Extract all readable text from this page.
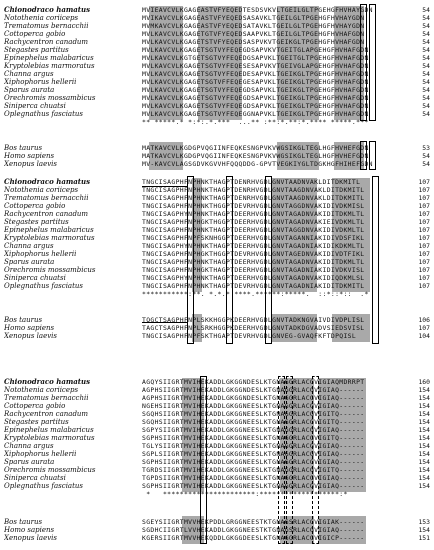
Chionodraco hamatus	MVIEAVCVLKGAGEASTVFYEQEDTESDSVKVLTGEILGLTPGEHGFHVHAYGDN	54
Notothenia coriiceps	MVIKAVCVLKGAGEASTVFYEQEDSASAVKLTGEILGLTPGEHGFHVHAYGDN	54
Trematomus bernacchii	MVMKAVCVLKGAGEASTVFYEQEDSATAVKLTGEILGLTPGEHGFHVHAYGDN	54
Cottoperca gobio	MVLKAVCVLKGAGETGTVFYEQEDSAAPVKLTGEILGLTPGEHGFHVHAFGDN	54
Rachycentron canadum	MVLKAVCVLKGAGETSTVFYEQEDSASPVKVTGEIKGLTPGEHGFHVHAFGDN	54
Stegastes partitus	MVLKAVCVLKGAGETSGTVYFEQEGDSAPVKVTGEITGLAPGEHGFHVHAFGDN	54
Epinephelus malabaricus	MVLKAVCVLKGTGETSGTVYFEQEDGSAPVKLTGEITGLTPGEHGFHVHAFGDN	54
Kryptolebias marmoratus	MVLKAVCVLKGAGETSGTVYFEQESESAPVKVTGEIVGLAPGEHGFHVHAFGDN	54
Channa argus	MVLKAVCVLKGAGETSGTVYFEQEDESAPVKLTGEIKGLTPGEHGFHVHAFGDN	54
Xiphophorus hellerii	MVLKAVCVLKGAGETSGTVFFEQEGESAPVKLTGEIKGLTPGEHGFHVHAFGDN	54
Sparus aurata	MVLKAVCVLKGAGETSGTVYFEQEGDSAPVKLTGEIKGLTPGEHGFHVHAFGDN	54
Orechromis mossambicus	MVLKAVCVLKGAGETSGTVYFEQEGDSAPVKLTGEIKGLTPGEHGFHVHAFGDN	54
Siniperca chuatsi	MVLKAVCVLKGAGETSGTVYFEQEGDSAPVKLTGEIKGLTPGEHGFHVHAFGDN	54
Oplegnathus fasciatus	MVLKAVCVLKGAGETSGTVYFEQEGGNAPVKLTGEIKGLTPGEHGFHVHAFGDN	54
** *****.* *:*:.*.***  ...** :**:*.**:*.**** *****.***
Bos taurus	MATKAVCVLKGDGPVQGIINFEQKESNGPVKVWGSIKGLTEGLHGFHVHEFGDN	53
Homo sapiens	MATKAVCVLKGDGPVQGIINFEQKESNGPVKVWGSIKGLTEGLHGFHVHEFGDN	54
Xenopus laevis	MV-KAVCVLAGSGDVKGVVHFQQQDDG-GPVTVEGKIYGLTDGKHGFHIHEFGDN	54
Chionodraco hamatus	TNGCISAGPHFNPHNKTHAGPTDENRHVGDLGNVTAADNVAKLDITDKMITL	107
Notothenia coriiceps	TNGCISAGPHFNPHNKTHAGPTDENRHVGDLGNVTAAGDNVAKLDITDKMITL	107
Trematomus bernacchii	TNGCISAGPHFNPHNKTHAGPTDENRHVGDLGNVTAAGDNVAKLDITDKMITL	107
Cottoperca gobio	TNGCISAGPHFNPHNKTHGGPTDEVRHVGDLGNVTAGGDNVAKIDIVDKMISL	107
Rachycentron canadum	TNGCISAGPHYNPHNKTHAGPTDEERHVGDLGNVTAGADNVAKIDITDKMLTL	107
Stegastes partitus	TNGCISAGPHFNPHGKTHGGPTDEERHVGDLGNVTAGADNVAKIEIVDKMLTL	107
Epinephelus malabaricus	TNGCISAGPHFNPHNKTHAGPTDEERHVGDLGNVTAGGDNVAKIDIVDKMLTL	107
Kryptolebias marmoratus	TNGCISAGPHFNPFSKNHGGPTDEERHVGDLGNVTAGANNIAKIDIVDSFIKL	107
Channa argus	TNGCISAGPHYNPHNKTHAGPTDEERHVGDLGNVTAGADNIAKIDIKDKMLTL	107
Xiphophorus hellerii	TNGCISAGPHFNPHGKTHGGPTDEVRHVGDLGNVTAGEDNVAKIDIVDTFIKL	107
Sparus aurata	TNGCISAGPHFNPHNKTHAGPTDEERHVGDLGNVTAGADNVAKIDITDKMLTL	107
Orechromis mossambicus	TNGCISAGPHFNPHGKTHAGPTDEERHVGDLGNVTAGADNIAKIDIVDKVISL	107
Siniperca chuatsi	TNGCISAGPHYNPHNKTHAGPTDEERHVGDLGNVTAGADNVAKIDIQDKMLSL	107
Oplegnathus fasciatus	TNGCISAGPHFNPHNKTHAGPTDEVRHVGDLGNVTAGADNIAKIDITDKMITL	107
***********:**. *.*.* ****.******:*****.  ::*::*::  .*
Bos taurus	TQGCTSAGPHFNPLSKKHGGPKDEERHVGDLGNVTADKNGVAIVDIVDPLISL	106
Homo sapiens	TAGCTSAGPHFNPLSRKHGGPKDEERHVGDLGNVTADKDGVADVSIEDSVISL	107
Xenopus laevis	TNGCISAGPHFNPFSKTHGAPTDEVRHVGDLGNVEG-GVAQFKFTDPQISL	104
Chionodraco hamatus	AGQYSIIGRTMVIHEKADDLGKGGNDESLKTGNAGGRLACGVIGIAQMDRRPT	160
Notothenia coriiceps	AGPHSIIGRTMVIHEKADDLGKGGNDESLKTGNAGGRLACGVIGIAQ------	154
Trematomus bernacchii	AGPHSIIGRTMVIHEKADDLGKGGNDESLKTGNAGGRLACGVIGIAQ------	154
Cottoperca gobio	NGEHSIIGRTMVIHEKADDLGKGGNEESLKTGNAGGRLACGVIGIAQ------	154
Rachycentron canadum	SGQHSIIGRTMVIHEKADDLGKGGNEESLKTGNAGGRLACGVIGITQ------	154
Stegastes partitus	SGQHSIIGRTMVIHEKADDLGKGGNEESLKTGNAGGRLACGVIGITQ------	154
Epinephelus malabaricus	SGPYSIIGRTMVIHEKADDLGKGGNEESLKTGNAGGRLACGVIGIAQ------	154
Kryptolebias marmoratus	SGPHSIIGRTMVIHEKADDLGKGGNEESLKTGNAGGRLACGVIGITQ------	154
Channa argus	TGLYSIIGRTMVIHEKADDLGKGGNEESLKTGNAGGRLACGVIGIAQ------	154
Xiphophorus hellerii	SGPLSIIGRTMVIHEKADDLGKGGNEESLKTGNAGGRLACGVIGIAQ------	154
Sparus aurata	SGPHSIIGRTMVIHEKADDLGKGGNEESLKTGNAGGRLACGVIGIAQ------	154
Orechromis mossambicus	TGRDSIIGRTMVIHEKADDLGKGGNEESLKTGNAGGRLACGVIGITQ------	154
Siniperca chuatsi	TGPDSIIGRTMVIHEKADDLGKGGNEESLKTGNAGGRLACGVIGIAQ------	154
Oplegnathus fasciatus	SGPHSIIGRTMVIHEKADDLGKGGNEESLKTGNAGGRLACGVIGIAQ------	154
*   **********************:*******************:*
Bos taurus	SGEYSIIGRTMVVHEKPDDLGRGGNEESTKTGNAGSRLACGVIGIAK------	153
Homo sapiens	SGDHCIIGRTLVVHEKADDLGKGGNEESTKTGNAGSRLACGVIGIAQ------	154
Xenopus laevis	KGERSIIGRTMVVHEKQDDLGKGGDEESLKTGNAGGRLACGVIGICP------	151
